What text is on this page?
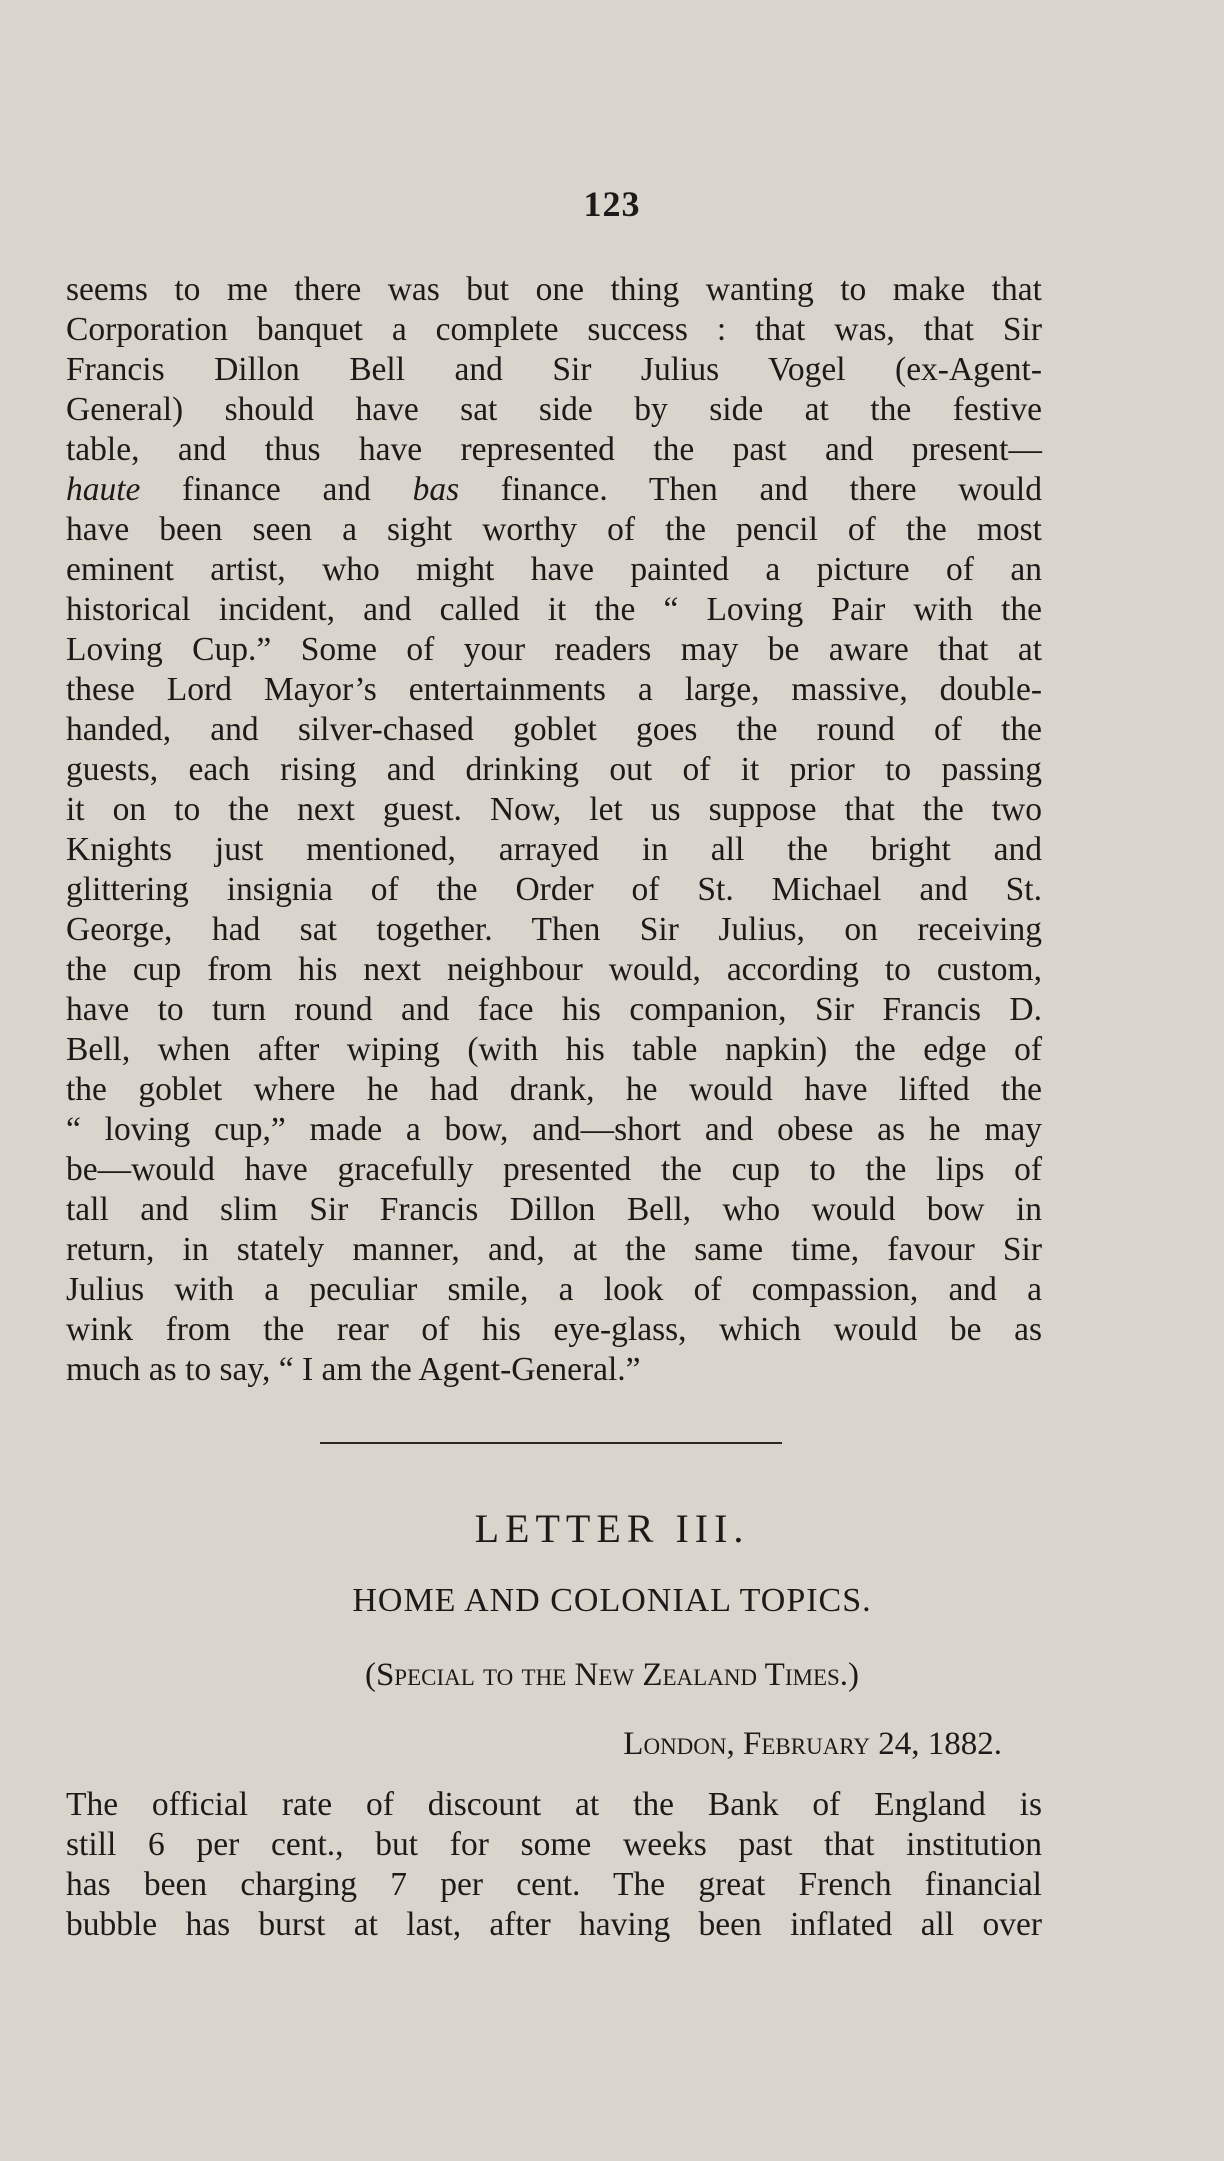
123
seems to me there was but one thing wanting to make that
Corporation banquet a complete success : that was, that Sir
Francis Dillon Bell and Sir Julius Vogel (ex-Agent-
General) should have sat side by side at the festive
table, and thus have represented the past and present—
haute finance and bas finance. Then and there would
have been seen a sight worthy of the pencil of the most
eminent artist, who might have painted a picture of an
historical incident, and called it the “ Loving Pair with the
Loving Cup.” Some of your readers may be aware that at
these Lord Mayor’s entertainments a large, massive, double-
handed, and silver-chased goblet goes the round of the
guests, each rising and drinking out of it prior to passing
it on to the next guest. Now, let us suppose that the two
Knights just mentioned, arrayed in all the bright and
glittering insignia of the Order of St. Michael and St.
George, had sat together. Then Sir Julius, on receiving
the cup from his next neighbour would, according to custom,
have to turn round and face his companion, Sir Francis D.
Bell, when after wiping (with his table napkin) the edge of
the goblet where he had drank, he would have lifted the
“ loving cup,” made a bow, and—short and obese as he may
be—would have gracefully presented the cup to the lips of
tall and slim Sir Francis Dillon Bell, who would bow in
return, in stately manner, and, at the same time, favour Sir
Julius with a peculiar smile, a look of compassion, and a
wink from the rear of his eye-glass, which would be as
much as to say, “ I am the Agent-General.”
LETTER III.
HOME AND COLONIAL TOPICS.
(Special to the New Zealand Times.)
London, February 24, 1882.
The official rate of discount at the Bank of England is
still 6 per cent., but for some weeks past that institution
has been charging 7 per cent. The great French financial
bubble has burst at last, after having been inflated all over
